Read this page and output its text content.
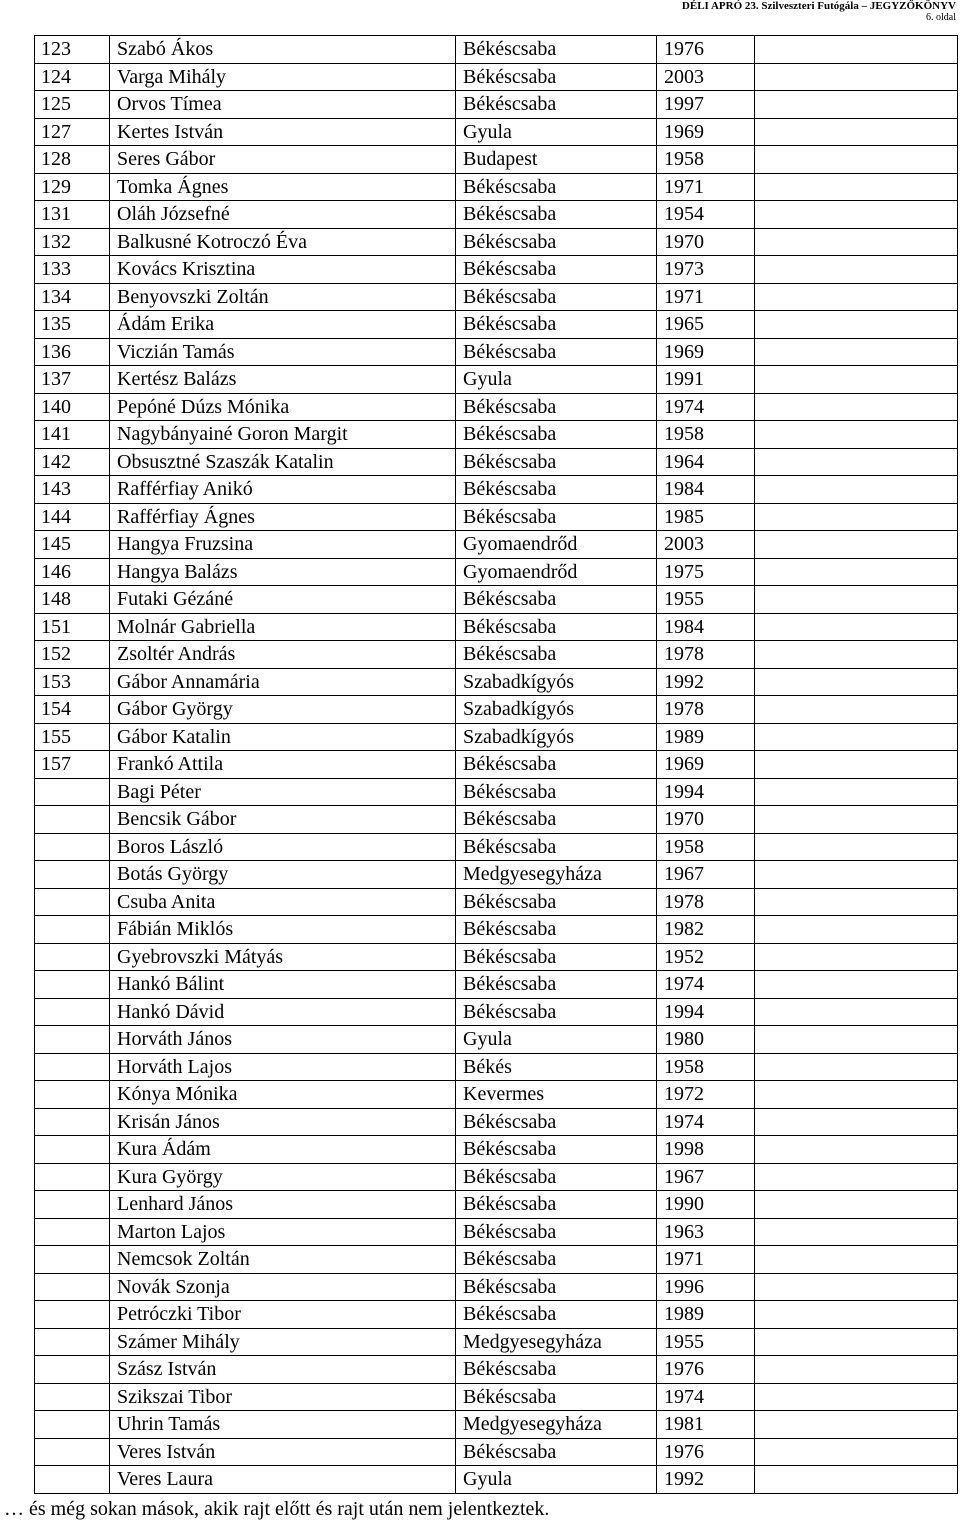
DÉLI APRÓ 23. Szilveszteri Futógála – JEGYZŐKÖNYV
6. oldal
123	Szabó Ákos	Békéscsaba	1976	
124	Varga Mihály	Békéscsaba	2003	
125	Orvos Tímea	Békéscsaba	1997	
127	Kertes István	Gyula	1969	
128	Seres Gábor	Budapest	1958	
129	Tomka Ágnes	Békéscsaba	1971	
131	Oláh Józsefné	Békéscsaba	1954	
132	Balkusné Kotroczó Éva	Békéscsaba	1970	
133	Kovács Krisztina	Békéscsaba	1973	
134	Benyovszki Zoltán	Békéscsaba	1971	
135	Ádám Erika	Békéscsaba	1965	
136	Viczián Tamás	Békéscsaba	1969	
137	Kertész Balázs	Gyula	1991	
140	Pepóné Dúzs Mónika	Békéscsaba	1974	
141	Nagybányainé Goron Margit	Békéscsaba	1958	
142	Obsusztné Szaszák Katalin	Békéscsaba	1964	
143	Rafférfiay Anikó	Békéscsaba	1984	
144	Rafférfiay Ágnes	Békéscsaba	1985	
145	Hangya Fruzsina	Gyomaendrőd	2003	
146	Hangya Balázs	Gyomaendrőd	1975	
148	Futaki Gézáné	Békéscsaba	1955	
151	Molnár Gabriella	Békéscsaba	1984	
152	Zsoltér András	Békéscsaba	1978	
153	Gábor Annamária	Szabadkígyós	1992	
154	Gábor György	Szabadkígyós	1978	
155	Gábor Katalin	Szabadkígyós	1989	
157	Frankó Attila	Békéscsaba	1969	
	Bagi Péter	Békéscsaba	1994	
	Bencsik Gábor	Békéscsaba	1970	
	Boros László	Békéscsaba	1958	
	Botás György	Medgyesegyháza	1967	
	Csuba Anita	Békéscsaba	1978	
	Fábián Miklós	Békéscsaba	1982	
	Gyebrovszki Mátyás	Békéscsaba	1952	
	Hankó Bálint	Békéscsaba	1974	
	Hankó Dávid	Békéscsaba	1994	
	Horváth János	Gyula	1980	
	Horváth Lajos	Békés	1958	
	Kónya Mónika	Kevermes	1972	
	Krisán János	Békéscsaba	1974	
	Kura Ádám	Békéscsaba	1998	
	Kura György	Békéscsaba	1967	
	Lenhard János	Békéscsaba	1990	
	Marton Lajos	Békéscsaba	1963	
	Nemcsok Zoltán	Békéscsaba	1971	
	Novák Szonja	Békéscsaba	1996	
	Petróczki Tibor	Békéscsaba	1989	
	Számer Mihály	Medgyesegyháza	1955	
	Szász István	Békéscsaba	1976	
	Szikszai Tibor	Békéscsaba	1974	
	Uhrin Tamás	Medgyesegyháza	1981	
	Veres István	Békéscsaba	1976	
	Veres Laura	Gyula	1992	
… és még sokan mások, akik rajt előtt és rajt után nem jelentkeztek.
